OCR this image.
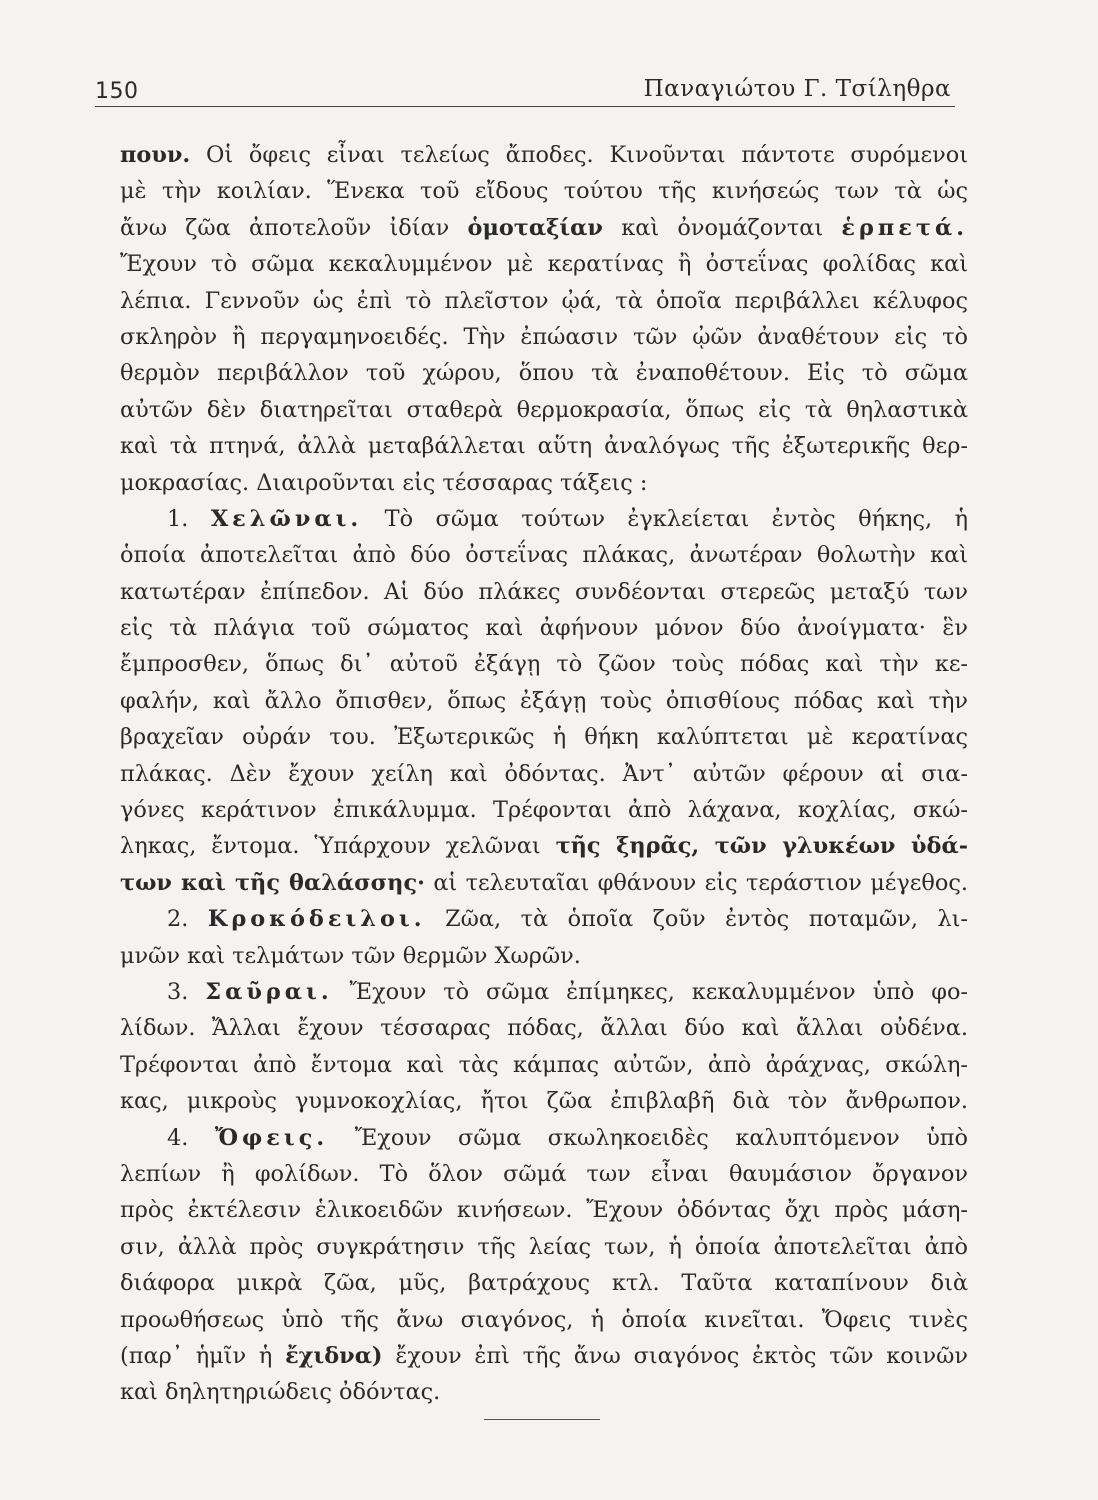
150	Παναγιώτου Γ. Τσίληθρα
πουν. Οἱ ὄφεις εἶναι τελείως ἄποδες. Κινοῦνται πάντοτε συρόμενοι
μὲ τὴν κοιλίαν. Ἕνεκα τοῦ εἴδους τούτου τῆς κινήσεώς των τὰ ὡς
ἄνω ζῶα ἀποτελοῦν ἰδίαν ὁμοταξίαν καὶ ὀνομάζονται ἑρπετά.
Ἔχουν τὸ σῶμα κεκαλυμμένον μὲ κερατίνας ἢ ὀστεΐνας φολίδας καὶ
λέπια. Γεννοῦν ὡς ἐπὶ τὸ πλεῖστον ᾠά, τὰ ὁποῖα περιβάλλει κέλυφος
σκληρὸν ἢ περγαμηνοειδές. Τὴν ἐπώασιν τῶν ᾠῶν ἀναθέτουν εἰς τὸ
θερμὸν περιβάλλον τοῦ χώρου, ὅπου τὰ ἐναποθέτουν. Εἰς τὸ σῶμα
αὐτῶν δὲν διατηρεῖται σταθερὰ θερμοκρασία, ὅπως εἰς τὰ θηλαστικὰ
καὶ τὰ πτηνά, ἀλλὰ μεταβάλλεται αὕτη ἀναλόγως τῆς ἐξωτερικῆς θερ-
μοκρασίας. Διαιροῦνται εἰς τέσσαρας τάξεις :
1. Χελῶναι. Τὸ σῶμα τούτων ἐγκλείεται ἐντὸς θήκης, ἡ
ὁποία ἀποτελεῖται ἀπὸ δύο ὀστεΐνας πλάκας, ἀνωτέραν θολωτὴν καὶ
κατωτέραν ἐπίπεδον. Αἱ δύο πλάκες συνδέονται στερεῶς μεταξύ των
εἰς τὰ πλάγια τοῦ σώματος καὶ ἀφήνουν μόνον δύο ἀνοίγματα· ἓν
ἔμπροσθεν, ὅπως δι᾽ αὐτοῦ ἐξάγῃ τὸ ζῶον τοὺς πόδας καὶ τὴν κε-
φαλήν, καὶ ἄλλο ὄπισθεν, ὅπως ἐξάγῃ τοὺς ὀπισθίους πόδας καὶ τὴν
βραχεῖαν οὐράν του. Ἐξωτερικῶς ἡ θήκη καλύπτεται μὲ κερατίνας
πλάκας. Δὲν ἔχουν χείλη καὶ ὀδόντας. Ἀντ᾽ αὐτῶν φέρουν αἱ σια-
γόνες κεράτινον ἐπικάλυμμα. Τρέφονται ἀπὸ λάχανα, κοχλίας, σκώ-
ληκας, ἔντομα. Ὑπάρχουν χελῶναι τῆς ξηρᾶς, τῶν γλυκέων ὑδά-
των καὶ τῆς θαλάσσης· αἱ τελευταῖαι φθάνουν εἰς τεράστιον μέγεθος.
2. Κροκόδειλοι. Ζῶα, τὰ ὁποῖα ζοῦν ἐντὸς ποταμῶν, λι-
μνῶν καὶ τελμάτων τῶν θερμῶν Χωρῶν.
3. Σαῦραι. Ἔχουν τὸ σῶμα ἐπίμηκες, κεκαλυμμένον ὑπὸ φο-
λίδων. Ἄλλαι ἔχουν τέσσαρας πόδας, ἄλλαι δύο καὶ ἄλλαι οὐδένα.
Τρέφονται ἀπὸ ἔντομα καὶ τὰς κάμπας αὐτῶν, ἀπὸ ἀράχνας, σκώλη-
κας, μικροὺς γυμνοκοχλίας, ἤτοι ζῶα ἐπιβλαβῆ διὰ τὸν ἄνθρωπον.
4. Ὄφεις. Ἔχουν σῶμα σκωληκοειδὲς καλυπτόμενον ὑπὸ
λεπίων ἢ φολίδων. Τὸ ὅλον σῶμά των εἶναι θαυμάσιον ὄργανον
πρὸς ἐκτέλεσιν ἑλικοειδῶν κινήσεων. Ἔχουν ὀδόντας ὄχι πρὸς μάση-
σιν, ἀλλὰ πρὸς συγκράτησιν τῆς λείας των, ἡ ὁποία ἀποτελεῖται ἀπὸ
διάφορα μικρὰ ζῶα, μῦς, βατράχους κτλ. Ταῦτα καταπίνουν διὰ
προωθήσεως ὑπὸ τῆς ἄνω σιαγόνος, ἡ ὁποία κινεῖται. Ὄφεις τινὲς
(παρ᾽ ἡμῖν ἡ ἔχιδνα) ἔχουν ἐπὶ τῆς ἄνω σιαγόνος ἐκτὸς τῶν κοινῶν
καὶ δηλητηριώδεις ὀδόντας.
